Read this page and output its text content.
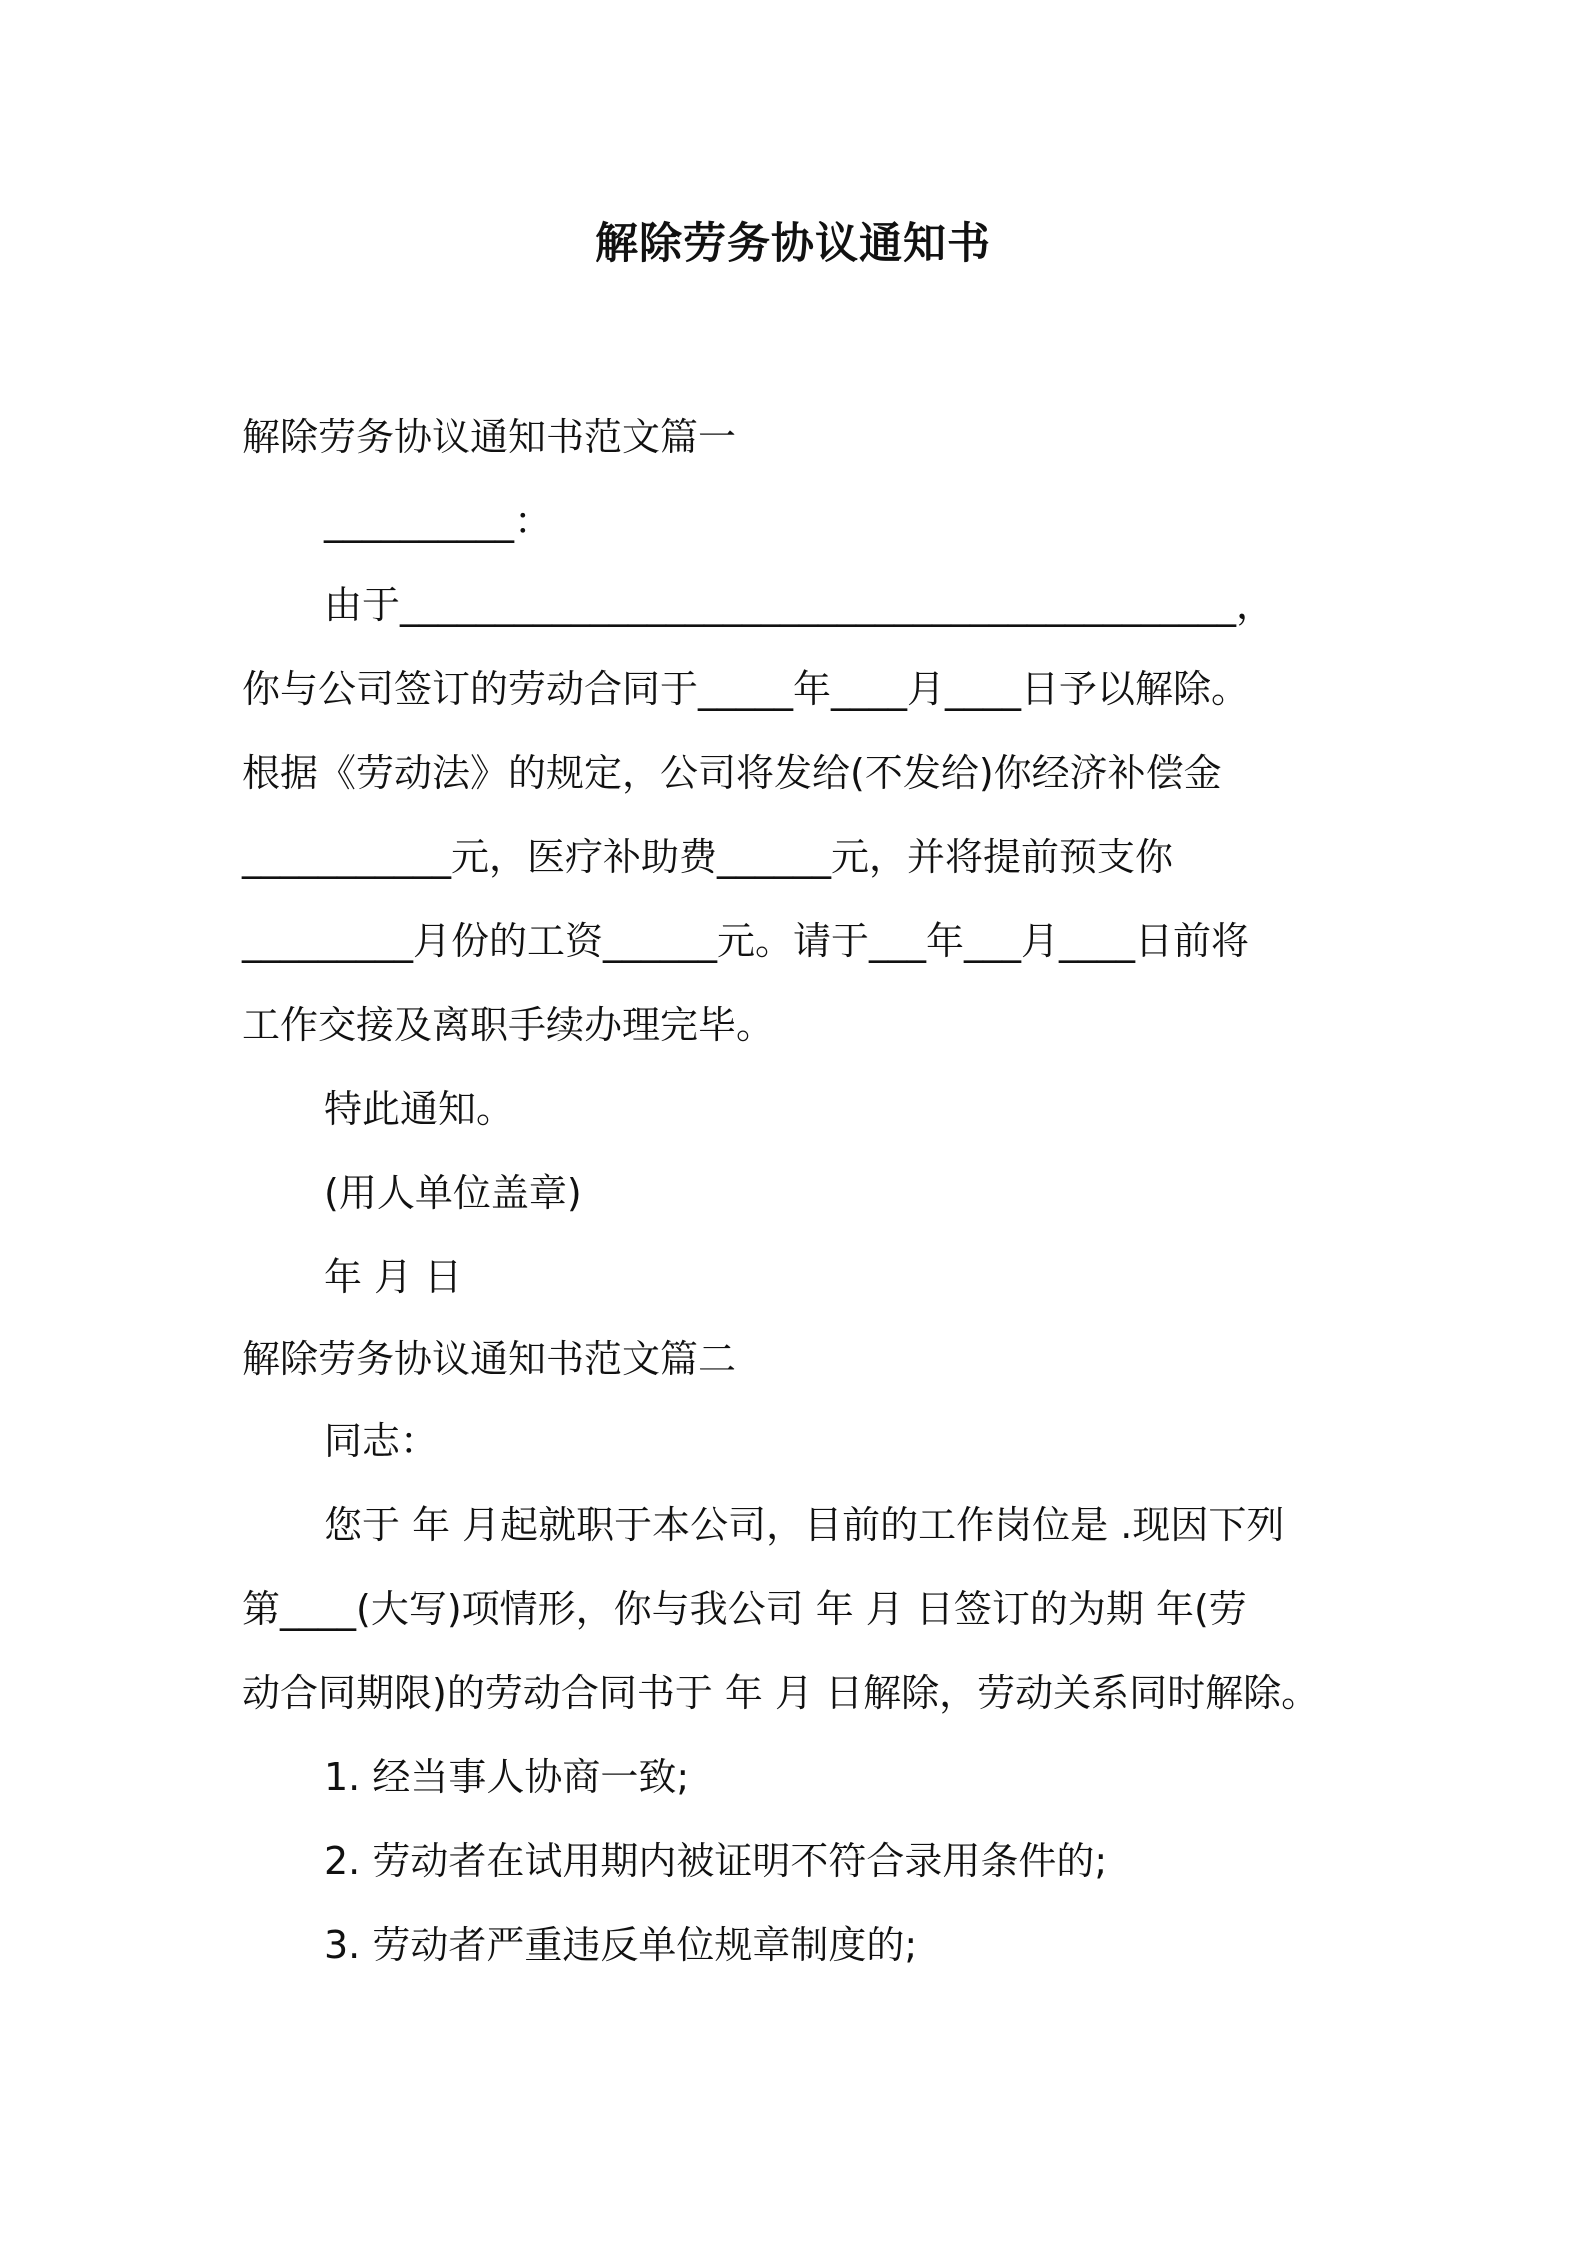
解除劳务协议通知书
解除劳务协议通知书范文篇一
__________：
由于____________________________________________，
你与公司签订的劳动合同于_____年____月____日予以解除。
根据《劳动法》的规定，公司将发给(不发给)你经济补偿金
___________元，医疗补助费______元，并将提前预支你
_________月份的工资______元。请于___年___月____日前将
工作交接及离职手续办理完毕。
特此通知。
(用人单位盖章)
年 月 日
解除劳务协议通知书范文篇二
同志：
您于 年 月起就职于本公司，目前的工作岗位是 .现因下列
第____(大写)项情形，你与我公司 年 月 日签订的为期 年(劳
动合同期限)的劳动合同书于 年 月 日解除，劳动关系同时解除。
1. 经当事人协商一致;
2. 劳动者在试用期内被证明不符合录用条件的;
3. 劳动者严重违反单位规章制度的;
